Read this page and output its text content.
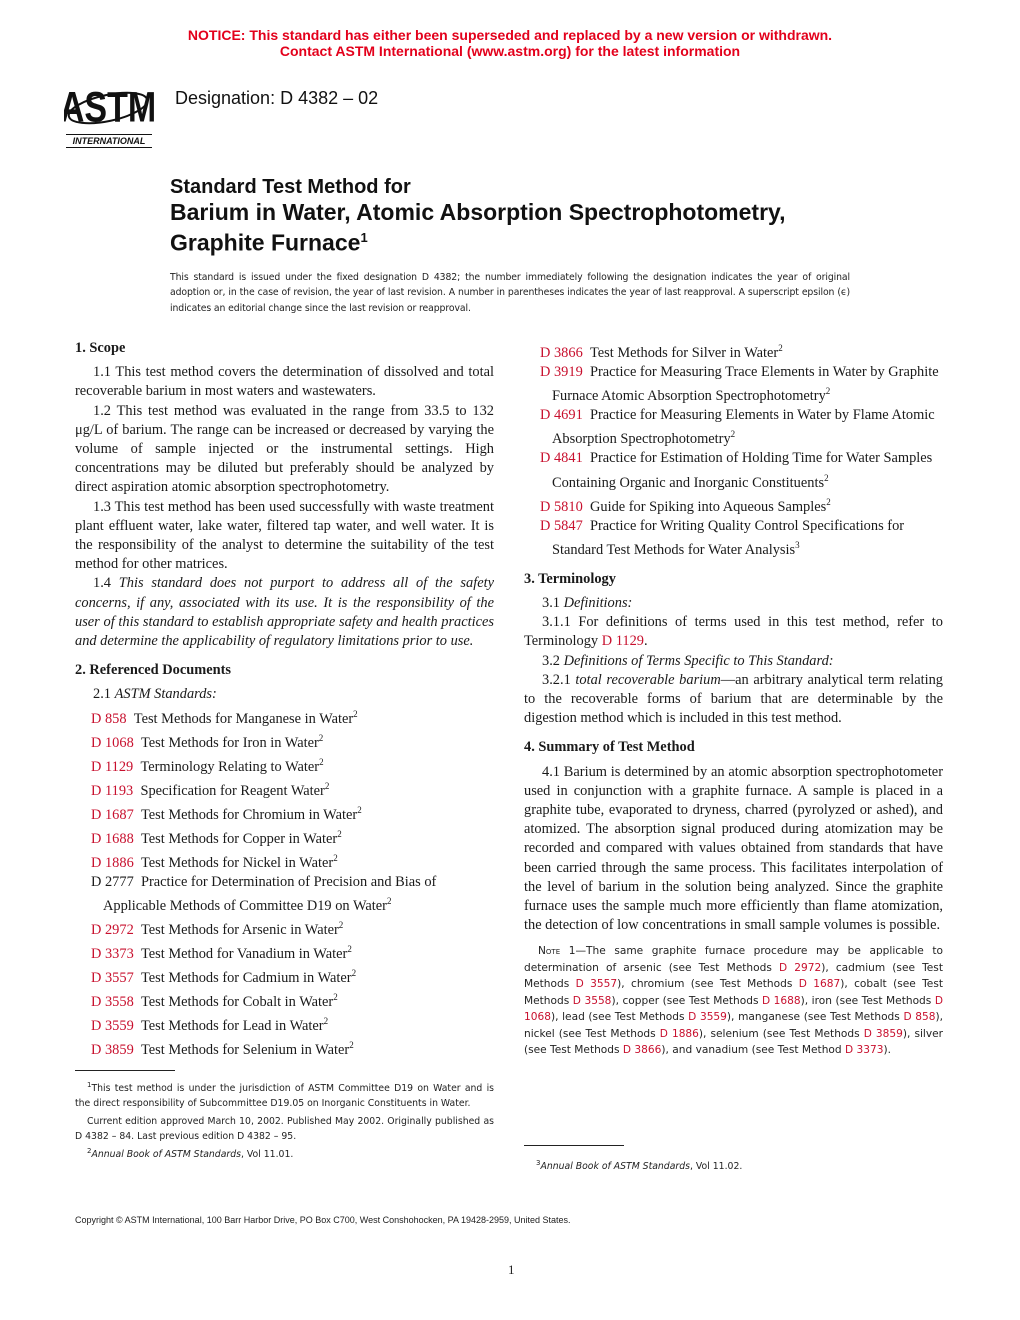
NOTICE: This standard has either been superseded and replaced by a new version or withdrawn.
Contact ASTM International (www.astm.org) for the latest information
ASTM
INTERNATIONAL
Designation: D 4382 – 02
Standard Test Method for
Barium in Water, Atomic Absorption Spectrophotometry,
Graphite Furnace$^1$
This standard is issued under the fixed designation D 4382; the number immediately following the designation indicates the year of original adoption or, in the case of revision, the year of last revision. A number in parentheses indicates the year of last reapproval. A superscript epsilon (ϵ) indicates an editorial change since the last revision or reapproval.
1. Scope

1.1 This test method covers the determination of dissolved and total recoverable barium in most waters and wastewaters.

1.2 This test method was evaluated in the range from 33.5 to 132 μg/L of barium. The range can be increased or decreased by varying the volume of sample injected or the instrumental settings. High concentrations may be diluted but preferably should be analyzed by direct aspiration atomic absorption spectrophotometry.

1.3 This test method has been used successfully with waste treatment plant effluent water, lake water, filtered tap water, and well water. It is the responsibility of the analyst to determine the suitability of the test method for other matrices.

1.4 This standard does not purport to address all of the safety concerns, if any, associated with its use. It is the responsibility of the user of this standard to establish appropriate safety and health practices and determine the applicability of regulatory limitations prior to use.

2. Referenced Documents

2.1 ASTM Standards:

D 858 Test Methods for Manganese in Water$^2$

D 1068 Test Methods for Iron in Water$^2$

D 1129 Terminology Relating to Water$^2$

D 1193 Specification for Reagent Water$^2$

D 1687 Test Methods for Chromium in Water$^2$

D 1688 Test Methods for Copper in Water$^2$

D 1886 Test Methods for Nickel in Water$^2$

D 2777 Practice for Determination of Precision and Bias of Applicable Methods of Committee D19 on Water$^2$

D 2972 Test Methods for Arsenic in Water$^2$

D 3373 Test Method for Vanadium in Water$^2$

D 3557 Test Methods for Cadmium in Water$^2$

D 3558 Test Methods for Cobalt in Water$^2$

D 3559 Test Methods for Lead in Water$^2$

D 3859 Test Methods for Selenium in Water$^2$

D 3866 Test Methods for Silver in Water$^2$

D 3919 Practice for Measuring Trace Elements in Water by Graphite Furnace Atomic Absorption Spectrophotometry$^2$

D 4691 Practice for Measuring Elements in Water by Flame Atomic Absorption Spectrophotometry$^2$

D 4841 Practice for Estimation of Holding Time for Water Samples Containing Organic and Inorganic Constituents$^2$

D 5810 Guide for Spiking into Aqueous Samples$^2$

D 5847 Practice for Writing Quality Control Specifications for Standard Test Methods for Water Analysis$^3$

3. Terminology

3.1 Definitions:

3.1.1 For definitions of terms used in this test method, refer to Terminology D 1129.

3.2 Definitions of Terms Specific to This Standard:

3.2.1 total recoverable barium—an arbitrary analytical term relating to the recoverable forms of barium that are determinable by the digestion method which is included in this test method.

4. Summary of Test Method

4.1 Barium is determined by an atomic absorption spectrophotometer used in conjunction with a graphite furnace. A sample is placed in a graphite tube, evaporated to dryness, charred (pyrolyzed or ashed), and atomized. The absorption signal produced during atomization may be recorded and compared with values obtained from standards that have been carried through the same process. This facilitates interpolation of the level of barium in the solution being analyzed. Since the graphite furnace uses the sample much more efficiently than flame atomization, the detection of low concentrations in small sample volumes is possible.

Note 1—The same graphite furnace procedure may be applicable to determination of arsenic (see Test Methods D 2972), cadmium (see Test Methods D 3557), chromium (see Test Methods D 1687), cobalt (see Test Methods D 3558), copper (see Test Methods D 1688), iron (see Test Methods D 1068), lead (see Test Methods D 3559), manganese (see Test Methods D 858), nickel (see Test Methods D 1886), selenium (see Test Methods D 3859), silver (see Test Methods D 3866), and vanadium (see Test Method D 3373).

$^1$This test method is under the jurisdiction of ASTM Committee D19 on Water and is the direct responsibility of Subcommittee D19.05 on Inorganic Constituents in Water.

Current edition approved March 10, 2002. Published May 2002. Originally published as D 4382 – 84. Last previous edition D 4382 – 95.

$^2$Annual Book of ASTM Standards, Vol 11.01.

$^3$Annual Book of ASTM Standards, Vol 11.02.

Copyright © ASTM International, 100 Barr Harbor Drive, PO Box C700, West Conshohocken, PA 19428-2959, United States.
1
